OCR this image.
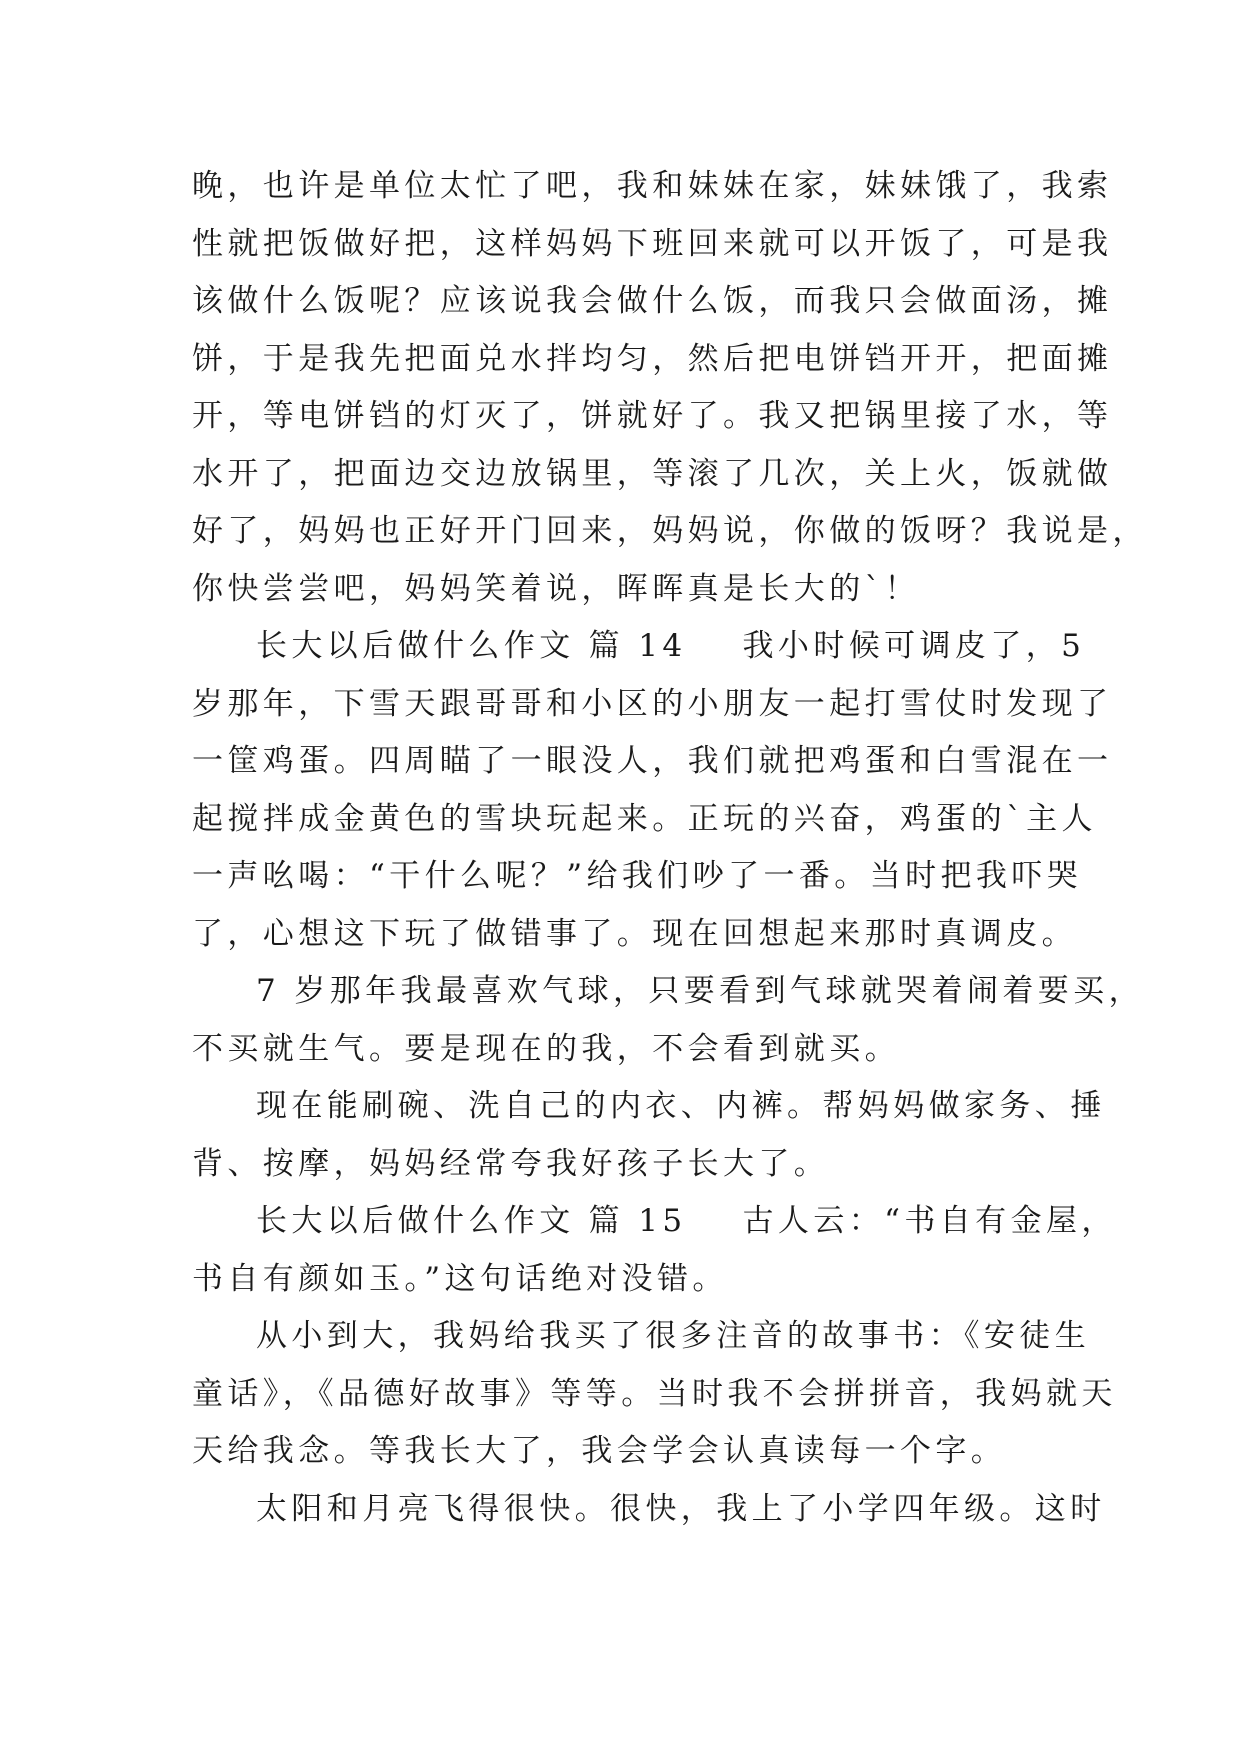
晚，也许是单位太忙了吧，我和妹妹在家，妹妹饿了，我索
性就把饭做好把，这样妈妈下班回来就可以开饭了，可是我
该做什么饭呢？应该说我会做什么饭，而我只会做面汤，摊
饼，于是我先把面兑水拌均匀，然后把电饼铛开开，把面摊
开，等电饼铛的灯灭了，饼就好了。我又把锅里接了水，等
水开了，把面边交边放锅里，等滚了几次，关上火，饭就做
好了，妈妈也正好开门回来，妈妈说，你做的饭呀？我说是，
你快尝尝吧，妈妈笑着说，晖晖真是长大的`！
长大以后做什么作文 篇 14 我小时候可调皮了，5
岁那年，下雪天跟哥哥和小区的小朋友一起打雪仗时发现了
一筐鸡蛋。四周瞄了一眼没人，我们就把鸡蛋和白雪混在一
起搅拌成金黄色的雪块玩起来。正玩的兴奋，鸡蛋的`主人
一声吆喝：“干什么呢？”给我们吵了一番。当时把我吓哭
了，心想这下玩了做错事了。现在回想起来那时真调皮。
7 岁那年我最喜欢气球，只要看到气球就哭着闹着要买，
不买就生气。要是现在的我，不会看到就买。
现在能刷碗、洗自己的内衣、内裤。帮妈妈做家务、捶
背、按摩，妈妈经常夸我好孩子长大了。
长大以后做什么作文 篇 15 古人云：“书自有金屋，
书自有颜如玉。”这句话绝对没错。
从小到大，我妈给我买了很多注音的故事书：《安徒生
童话》，《品德好故事》等等。当时我不会拼拼音，我妈就天
天给我念。等我长大了，我会学会认真读每一个字。
太阳和月亮飞得很快。很快，我上了小学四年级。这时
